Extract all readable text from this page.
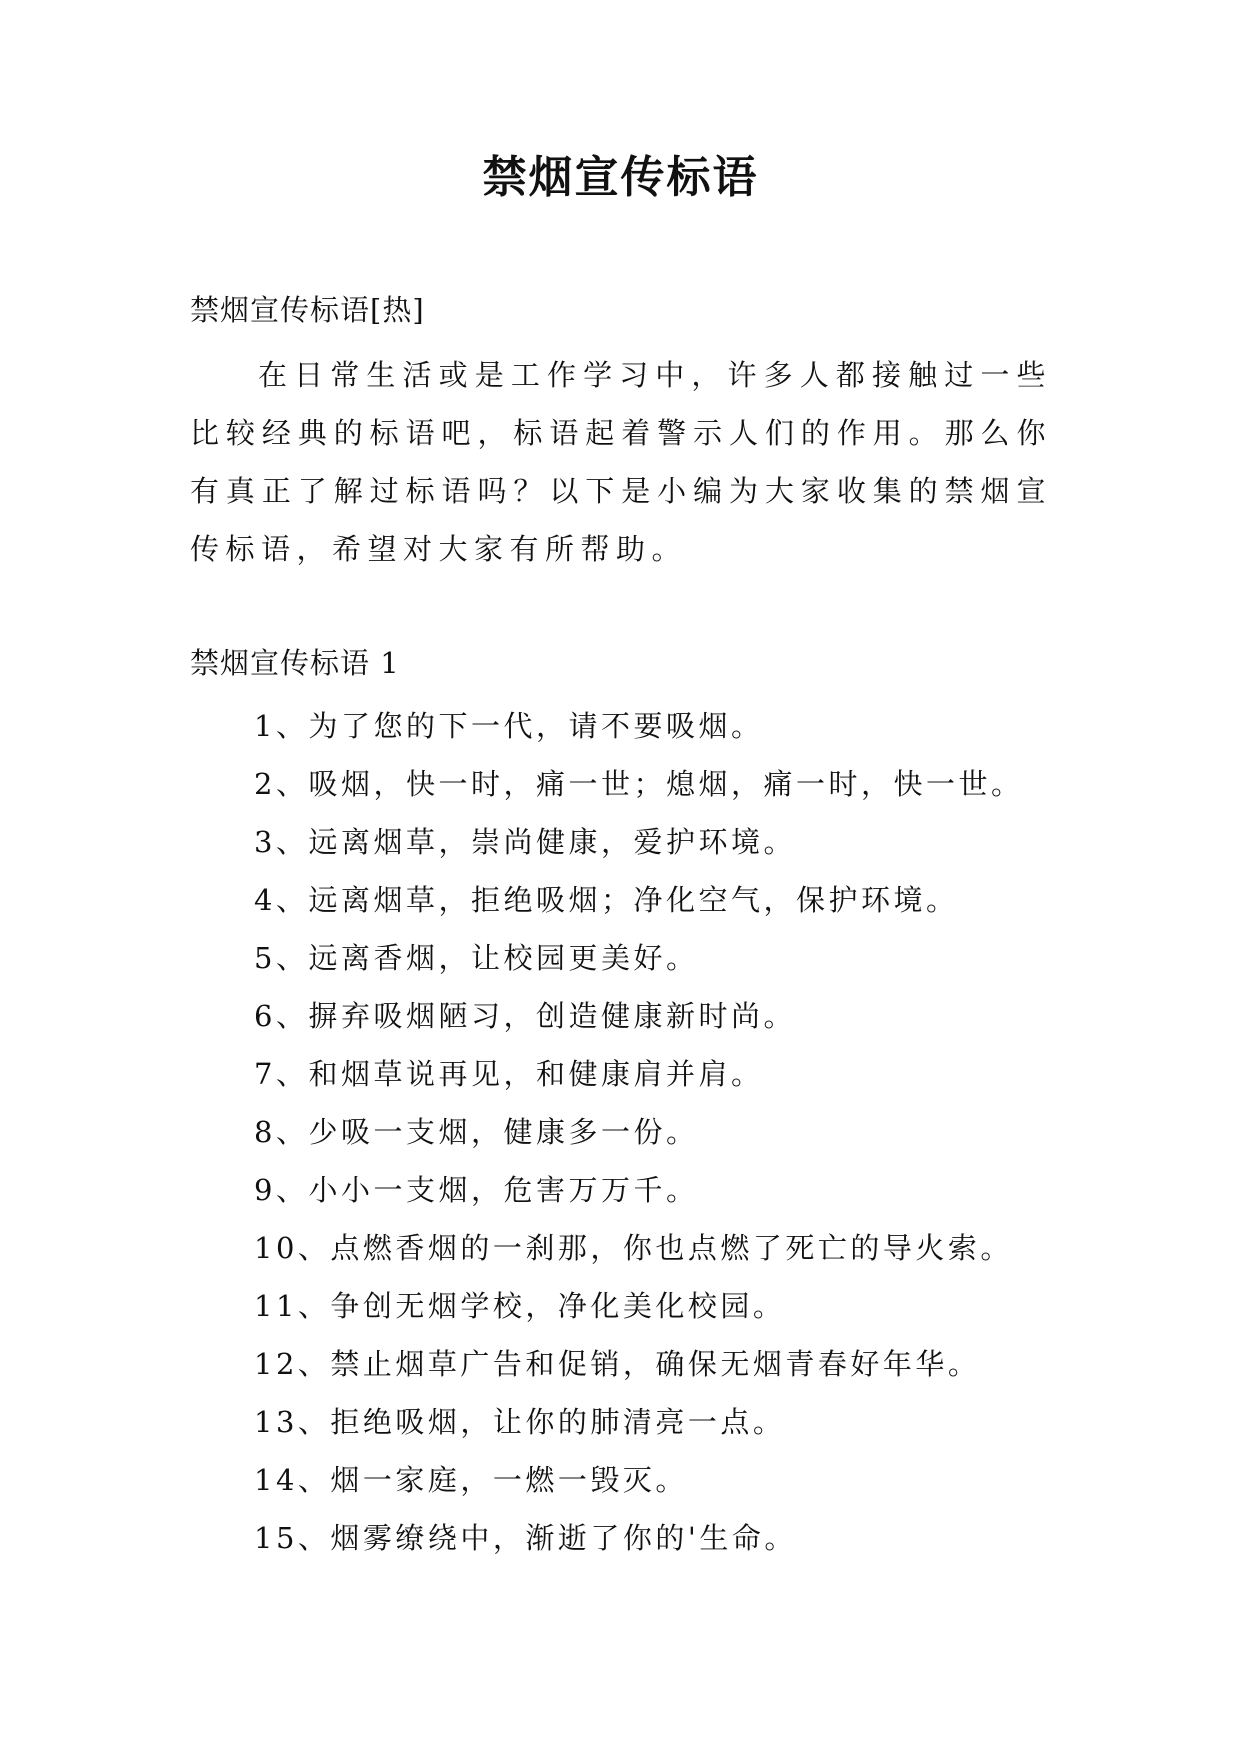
禁烟宣传标语
禁烟宣传标语[热]

在日常生活或是工作学习中，许多人都接触过一些比较经典的标语吧，标语起着警示人们的作用。那么你有真正了解过标语吗？以下是小编为大家收集的禁烟宣传标语，希望对大家有所帮助。

禁烟宣传标语 1
1、为了您的下一代，请不要吸烟。
2、吸烟，快一时，痛一世；熄烟，痛一时，快一世。
3、远离烟草，崇尚健康，爱护环境。
4、远离烟草，拒绝吸烟；净化空气，保护环境。
5、远离香烟，让校园更美好。
6、摒弃吸烟陋习，创造健康新时尚。
7、和烟草说再见，和健康肩并肩。
8、少吸一支烟，健康多一份。
9、小小一支烟，危害万万千。
10、点燃香烟的一刹那，你也点燃了死亡的导火索。
11、争创无烟学校，净化美化校园。
12、禁止烟草广告和促销，确保无烟青春好年华。
13、拒绝吸烟，让你的肺清亮一点。
14、烟一家庭，一燃一毁灭。
15、烟雾缭绕中，渐逝了你的'生命。
